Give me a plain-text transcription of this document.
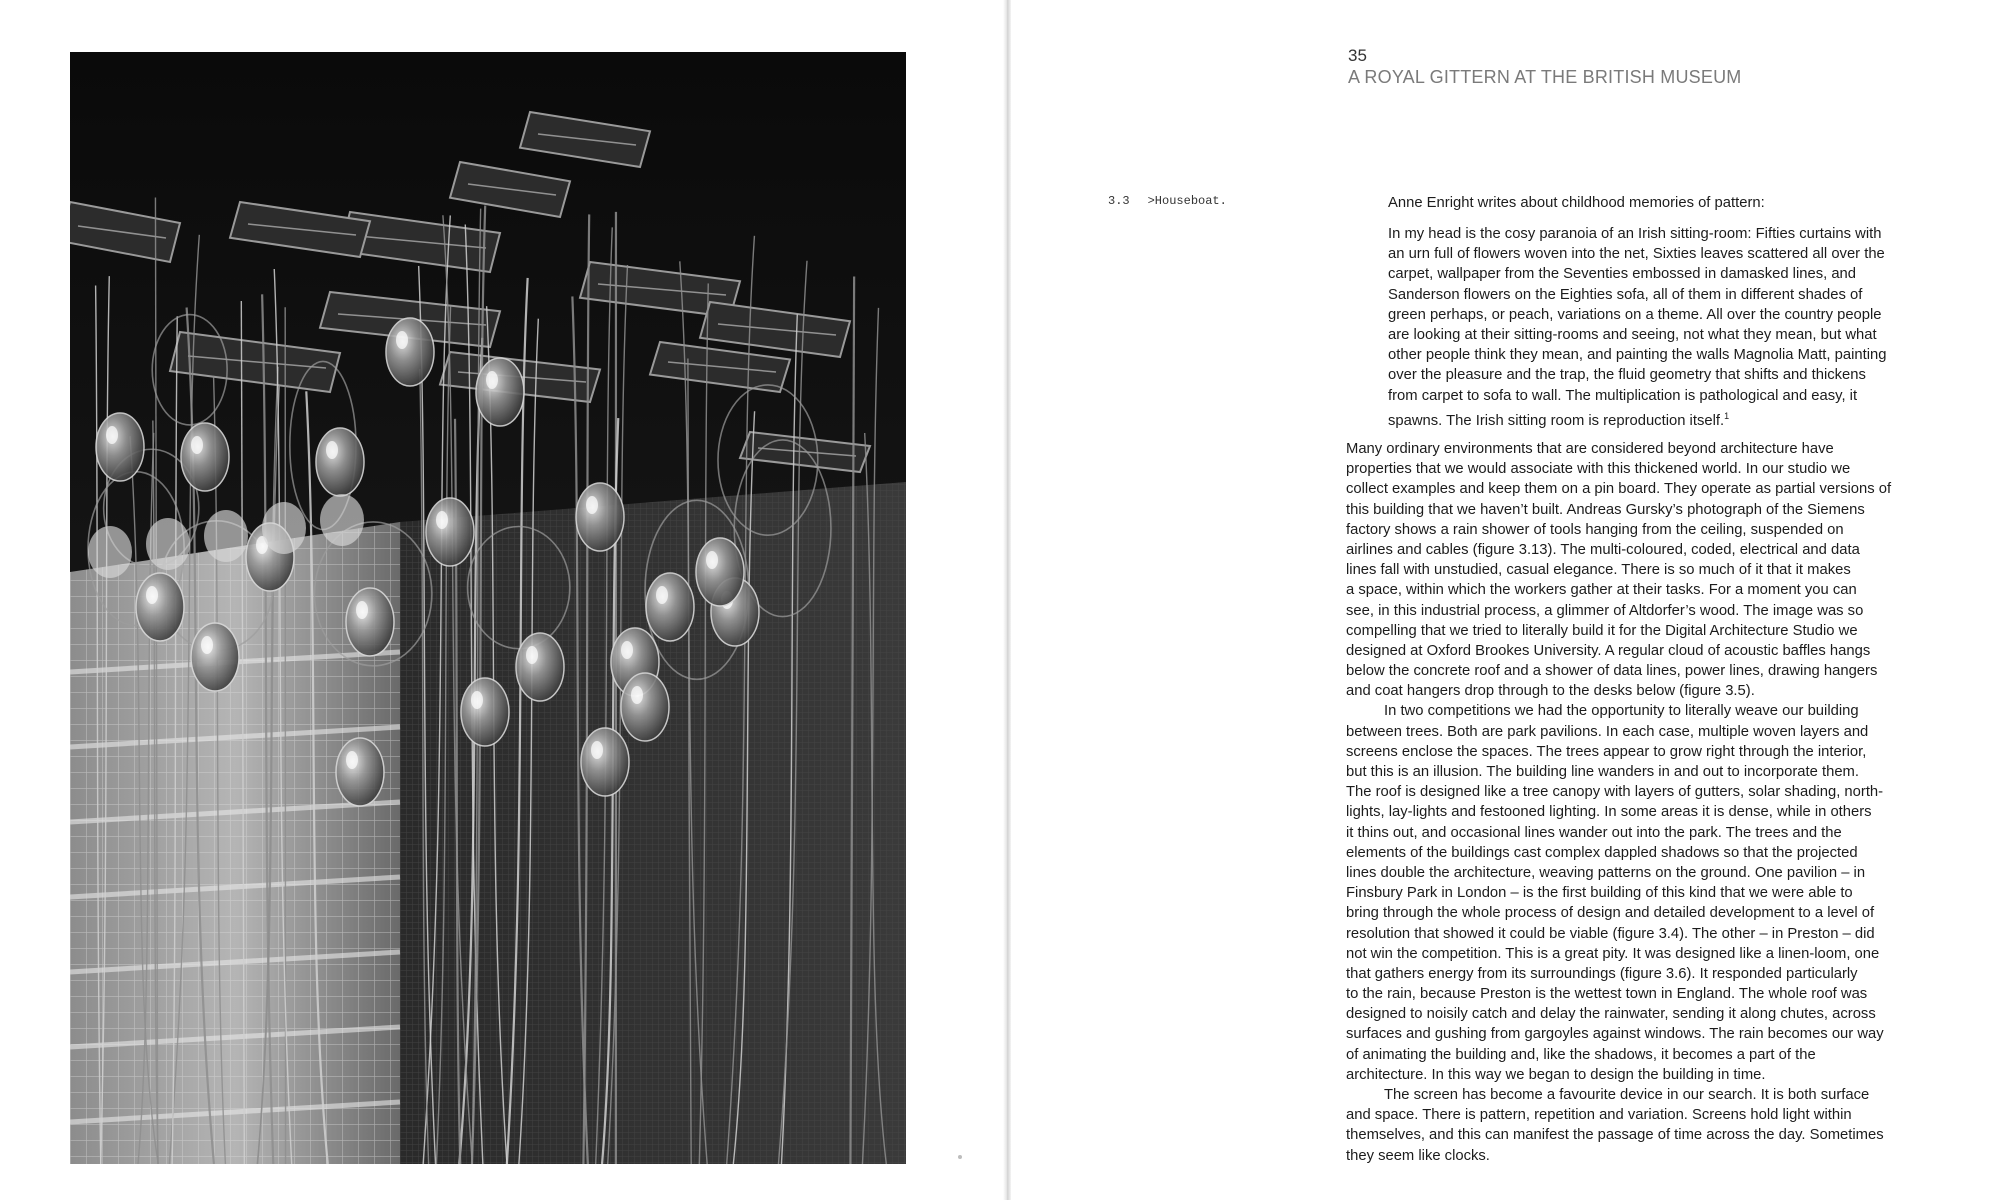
35
A ROYAL GITTERN AT THE BRITISH MUSEUM
3.3 >Houseboat.	Anne Enright writes about childhood memories of pattern:
In my head is the cosy paranoia of an Irish sitting-room: Fifties curtains with
an urn full of flowers woven into the net, Sixties leaves scattered all over the
carpet, wallpaper from the Seventies embossed in damasked lines, and
Sanderson flowers on the Eighties sofa, all of them in different shades of
green perhaps, or peach, variations on a theme. All over the country people
are looking at their sitting-rooms and seeing, not what they mean, but what
other people think they mean, and painting the walls Magnolia Matt, painting
over the pleasure and the trap, the fluid geometry that shifts and thickens
from carpet to sofa to wall. The multiplication is pathological and easy, it
spawns. The Irish sitting room is reproduction itself.$^1$
Many ordinary environments that are considered beyond architecture have
properties that we would associate with this thickened world. In our studio we
collect examples and keep them on a pin board. They operate as partial versions of
this building that we haven’t built. Andreas Gursky’s photograph of the Siemens
factory shows a rain shower of tools hanging from the ceiling, suspended on
airlines and cables (figure 3.13). The multi-coloured, coded, electrical and data
lines fall with unstudied, casual elegance. There is so much of it that it makes
a space, within which the workers gather at their tasks. For a moment you can
see, in this industrial process, a glimmer of Altdorfer’s wood. The image was so
compelling that we tried to literally build it for the Digital Architecture Studio we
designed at Oxford Brookes University. A regular cloud of acoustic baffles hangs
below the concrete roof and a shower of data lines, power lines, drawing hangers
and coat hangers drop through to the desks below (figure 3.5).
In two competitions we had the opportunity to literally weave our building
between trees. Both are park pavilions. In each case, multiple woven layers and
screens enclose the spaces. The trees appear to grow right through the interior,
but this is an illusion. The building line wanders in and out to incorporate them.
The roof is designed like a tree canopy with layers of gutters, solar shading, north-
lights, lay-lights and festooned lighting. In some areas it is dense, while in others
it thins out, and occasional lines wander out into the park. The trees and the
elements of the buildings cast complex dappled shadows so that the projected
lines double the architecture, weaving patterns on the ground. One pavilion – in
Finsbury Park in London – is the first building of this kind that we were able to
bring through the whole process of design and detailed development to a level of
resolution that showed it could be viable (figure 3.4). The other – in Preston – did
not win the competition. This is a great pity. It was designed like a linen-loom, one
that gathers energy from its surroundings (figure 3.6). It responded particularly
to the rain, because Preston is the wettest town in England. The whole roof was
designed to noisily catch and delay the rainwater, sending it along chutes, across
surfaces and gushing from gargoyles against windows. The rain becomes our way
of animating the building and, like the shadows, it becomes a part of the
architecture. In this way we began to design the building in time.
The screen has become a favourite device in our search. It is both surface
and space. There is pattern, repetition and variation. Screens hold light within
themselves, and this can manifest the passage of time across the day. Sometimes
they seem like clocks.
